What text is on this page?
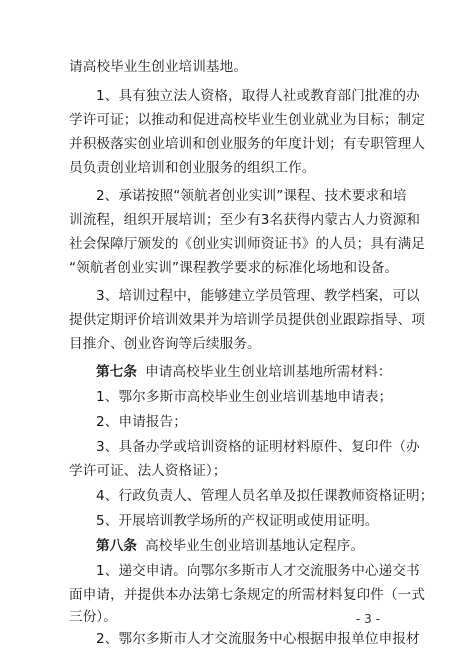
请高校毕业生创业培训基地。
1、具有独立法人资格，取得人社或教育部门批准的办
学许可证；以推动和促进高校毕业生创业就业为目标；制定
并积极落实创业培训和创业服务的年度计划；有专职管理人
员负责创业培训和创业服务的组织工作。
2、承诺按照“领航者创业实训”课程、技术要求和培
训流程，组织开展培训；至少有3名获得内蒙古人力资源和
社会保障厅颁发的《创业实训师资证书》的人员；具有满足
“领航者创业实训”课程教学要求的标准化场地和设备。
3、培训过程中，能够建立学员管理、教学档案，可以
提供定期评价培训效果并为培训学员提供创业跟踪指导、项
目推介、创业咨询等后续服务。
第七条 申请高校毕业生创业培训基地所需材料：
1、鄂尔多斯市高校毕业生创业培训基地申请表；
2、申请报告；
3、具备办学或培训资格的证明材料原件、复印件（办
学许可证、法人资格证）；
4、行政负责人、管理人员名单及拟任课教师资格证明；
5、开展培训教学场所的产权证明或使用证明。
第八条 高校毕业生创业培训基地认定程序。
1、递交申请。向鄂尔多斯市人才交流服务中心递交书
面申请，并提供本办法第七条规定的所需材料复印件（一式
三份）。
2、鄂尔多斯市人才交流服务中心根据申报单位申报材
- 3 -
